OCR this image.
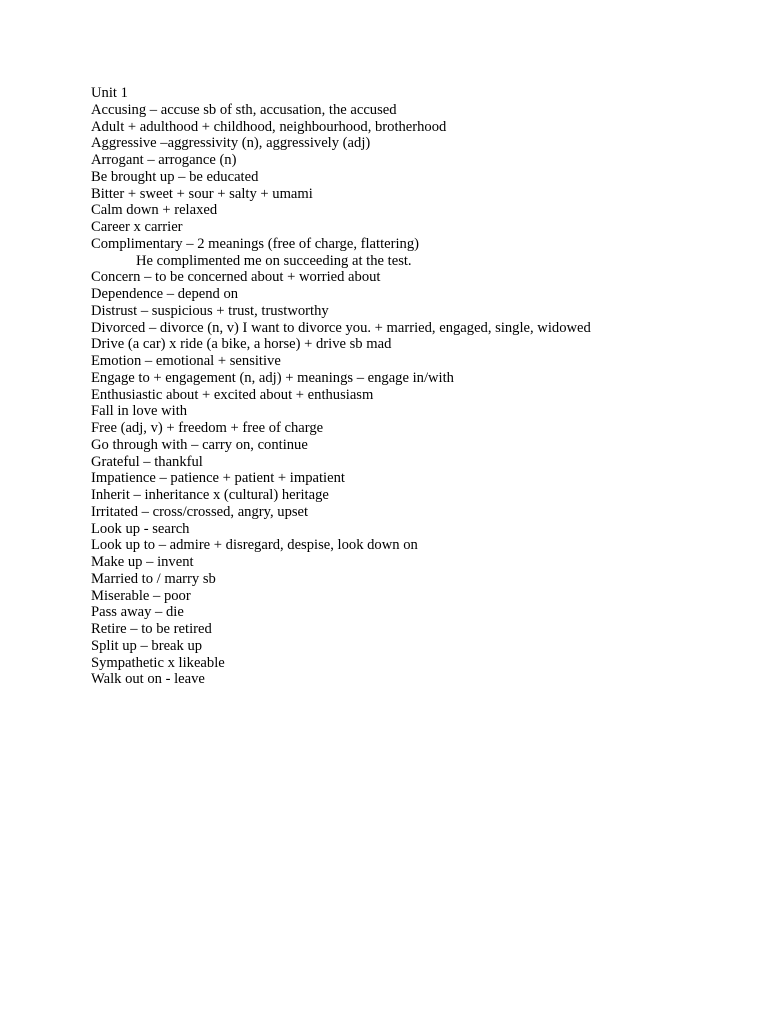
Unit 1
Accusing – accuse sb of sth, accusation, the accused
Adult + adulthood + childhood, neighbourhood, brotherhood
Aggressive –aggressivity (n), aggressively (adj)
Arrogant – arrogance (n)
Be brought up – be educated
Bitter + sweet + sour + salty + umami
Calm down + relaxed
Career x carrier
Complimentary – 2 meanings (free of charge, flattering)
He complimented me on succeeding at the test.
Concern – to be concerned about + worried about
Dependence – depend on
Distrust – suspicious + trust, trustworthy
Divorced – divorce (n, v) I want to divorce you. + married, engaged, single, widowed
Drive (a car) x ride (a bike, a horse) + drive sb mad
Emotion – emotional + sensitive
Engage to + engagement (n, adj) + meanings – engage in/with
Enthusiastic about + excited about + enthusiasm
Fall in love with
Free (adj, v) + freedom + free of charge
Go through with – carry on, continue
Grateful – thankful
Impatience – patience + patient + impatient
Inherit – inheritance x (cultural) heritage
Irritated – cross/crossed, angry, upset
Look up - search
Look up to – admire + disregard, despise, look down on
Make up – invent
Married to / marry sb
Miserable – poor
Pass away – die
Retire – to be retired
Split up – break up
Sympathetic x likeable
Walk out on - leave
